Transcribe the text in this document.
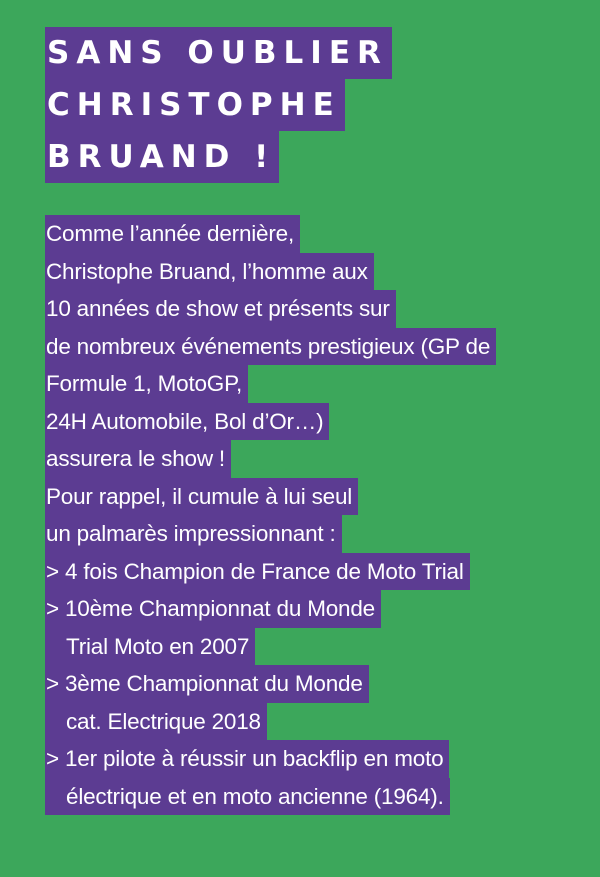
SANS OUBLIER
CHRISTOPHE
BRUAND !
Comme l’année dernière,
Christophe Bruand, l’homme aux
10 années de show et présents sur
de nombreux événements prestigieux (GP de
Formule 1, MotoGP,
24H Automobile, Bol d’Or…)
assurera le show !
Pour rappel, il cumule à lui seul
un palmarès impressionnant :
> 4 fois Champion de France de Moto Trial
> 10ème Championnat du Monde
Trial Moto en 2007
> 3ème Championnat du Monde
cat. Electrique 2018
> 1er pilote à réussir un backflip en moto
électrique et en moto ancienne (1964).
